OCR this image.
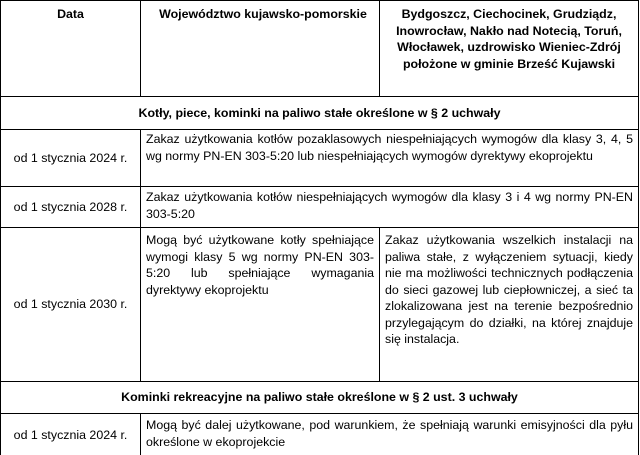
Data	Województwo kujawsko-pomorskie	Bydgoszcz, Ciechocinek, Grudziądz, Inowrocław, Nakło nad Notecią, Toruń, Włocławek, uzdrowisko Wieniec-Zdrój położone w gminie Brześć Kujawski
Kotły, piece, kominki na paliwo stałe określone w § 2 uchwały
od 1 stycznia 2024 r.
Zakaz użytkowania kotłów pozaklasowych niespełniających wymogów dla klasy 3, 4, 5 wg normy PN-EN 303-5:20 lub niespełniających wymogów dyrektywy ekoprojektu
od 1 stycznia 2028 r.
Zakaz użytkowania kotłów niespełniających wymogów dla klasy 3 i 4 wg normy PN-EN 303-5:20
od 1 stycznia 2030 r.
Mogą być użytkowane kotły spełniające wymogi klasy 5 wg normy PN-EN 303-5:20 lub spełniające wymagania dyrektywy ekoprojektu
Zakaz użytkowania wszelkich instalacji na paliwa stałe, z wyłączeniem sytuacji, kiedy nie ma możliwości technicznych podłączenia do sieci gazowej lub ciepłowniczej, a sieć ta zlokalizowana jest na terenie bezpośrednio przylegającym do działki, na której znajduje się instalacja.
Kominki rekreacyjne na paliwo stałe określone w § 2 ust. 3 uchwały
od 1 stycznia 2024 r.
Mogą być dalej użytkowane, pod warunkiem, że spełniają warunki emisyjności dla pyłu określone w ekoprojekcie
